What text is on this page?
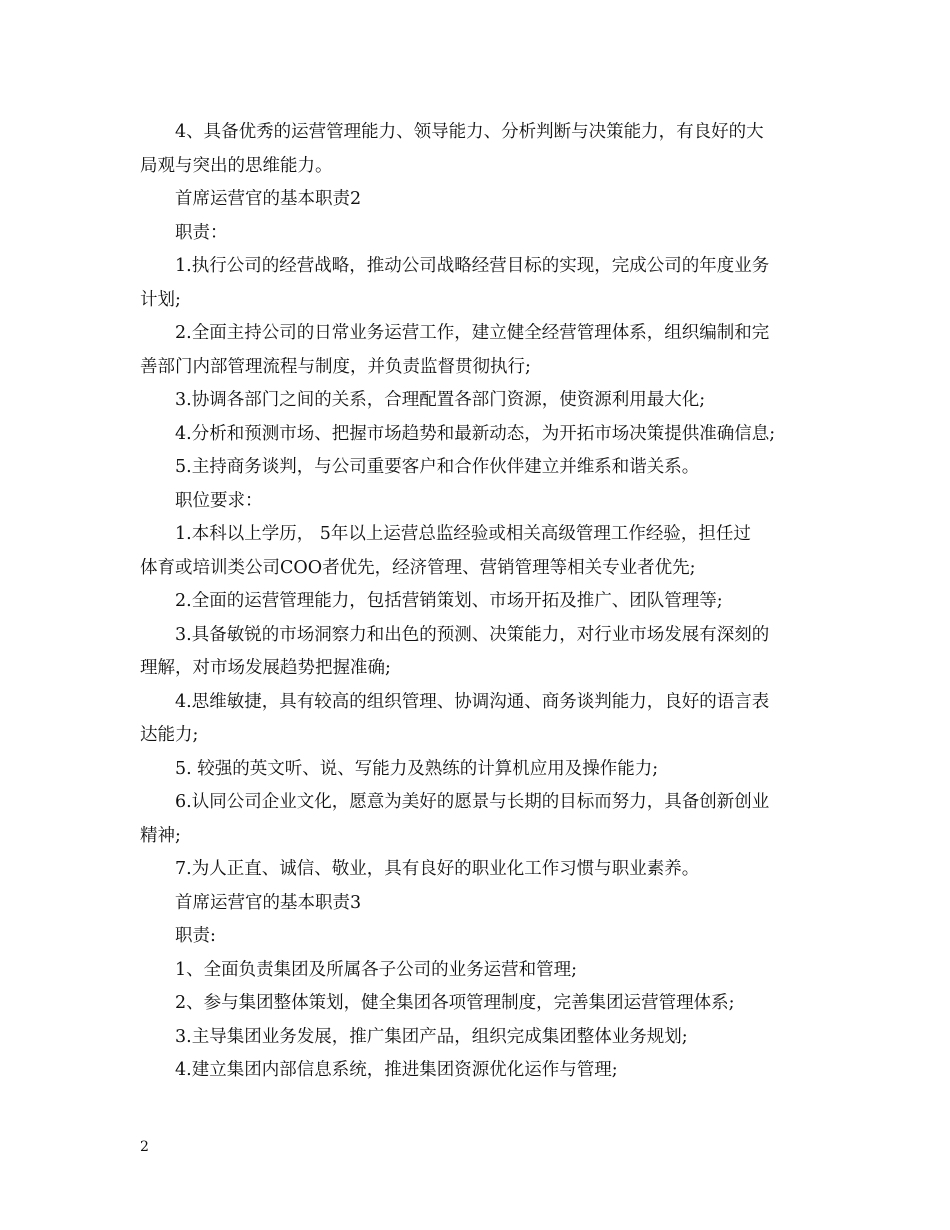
4、具备优秀的运营管理能力、领导能力、分析判断与决策能力，有良好的大
局观与突出的思维能力。
首席运营官的基本职责2
职责：
1.执行公司的经营战略，推动公司战略经营目标的实现，完成公司的年度业务
计划;
2.全面主持公司的日常业务运营工作，建立健全经营管理体系，组织编制和完
善部门内部管理流程与制度，并负责监督贯彻执行;
3.协调各部门之间的关系，合理配置各部门资源，使资源利用最大化;
4.分析和预测市场、把握市场趋势和最新动态，为开拓市场决策提供准确信息;
5.主持商务谈判，与公司重要客户和合作伙伴建立并维系和谐关系。
职位要求：
1.本科以上学历， 5年以上运营总监经验或相关高级管理工作经验，担任过
体育或培训类公司COO者优先，经济管理、营销管理等相关专业者优先;
2.全面的运营管理能力，包括营销策划、市场开拓及推广、团队管理等;
3.具备敏锐的市场洞察力和出色的预测、决策能力，对行业市场发展有深刻的
理解，对市场发展趋势把握准确;
4.思维敏捷，具有较高的组织管理、协调沟通、商务谈判能力，良好的语言表
达能力;
5. 较强的英文听、说、写能力及熟练的计算机应用及操作能力;
6.认同公司企业文化，愿意为美好的愿景与长期的目标而努力，具备创新创业
精神;
7.为人正直、诚信、敬业，具有良好的职业化工作习惯与职业素养。
首席运营官的基本职责3
职责:
1、全面负责集团及所属各子公司的业务运营和管理;
2、参与集团整体策划，健全集团各项管理制度，完善集团运营管理体系;
3.主导集团业务发展，推广集团产品，组织完成集团整体业务规划;
4.建立集团内部信息系统，推进集团资源优化运作与管理;
2
